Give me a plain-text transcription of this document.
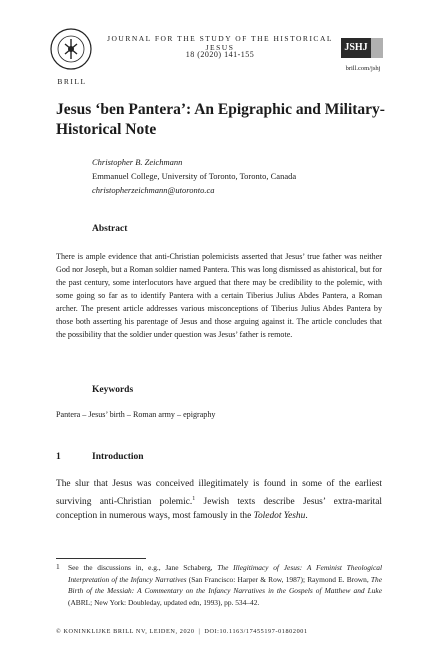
BRILL
JOURNAL FOR THE STUDY OF THE HISTORICAL JESUS
18 (2020) 141-155
JSHJ
brill.com/jshj
Jesus ‘ben Pantera’: An Epigraphic and Military-Historical Note
Christopher B. Zeichmann
Emmanuel College, University of Toronto, Toronto, Canada
christopherzeichmann@utoronto.ca
Abstract
There is ample evidence that anti-Christian polemicists asserted that Jesus’ true father was neither God nor Joseph, but a Roman soldier named Pantera. This was long dismissed as ahistorical, but for the past century, some interlocutors have argued that there may be credibility to the polemic, with some going so far as to identify Pantera with a certain Tiberius Julius Abdes Pantera, a Roman archer. The present article addresses various misconceptions of Tiberius Julius Abdes Pantera by those both asserting his parentage of Jesus and those arguing against it. The article concludes that the possibility that the soldier under question was Jesus’ father is remote.
Keywords
Pantera – Jesus’ birth – Roman army – epigraphy
1	Introduction
The slur that Jesus was conceived illegitimately is found in some of the earliest surviving anti-Christian polemic.$^1$ Jewish texts describe Jesus’ extra-marital conception in numerous ways, most famously in the Toledot Yeshu.
1 See the discussions in, e.g., Jane Schaberg, The Illegitimacy of Jesus: A Feminist Theological Interpretation of the Infancy Narratives (San Francisco: Harper & Row, 1987); Raymond E. Brown, The Birth of the Messiah: A Commentary on the Infancy Narratives in the Gospels of Matthew and Luke (ABRL; New York: Doubleday, updated edn, 1993), pp. 534–42.
© KONINKLIJKE BRILL NV, LEIDEN, 2020 | DOI:10.1163/17455197-01802001
